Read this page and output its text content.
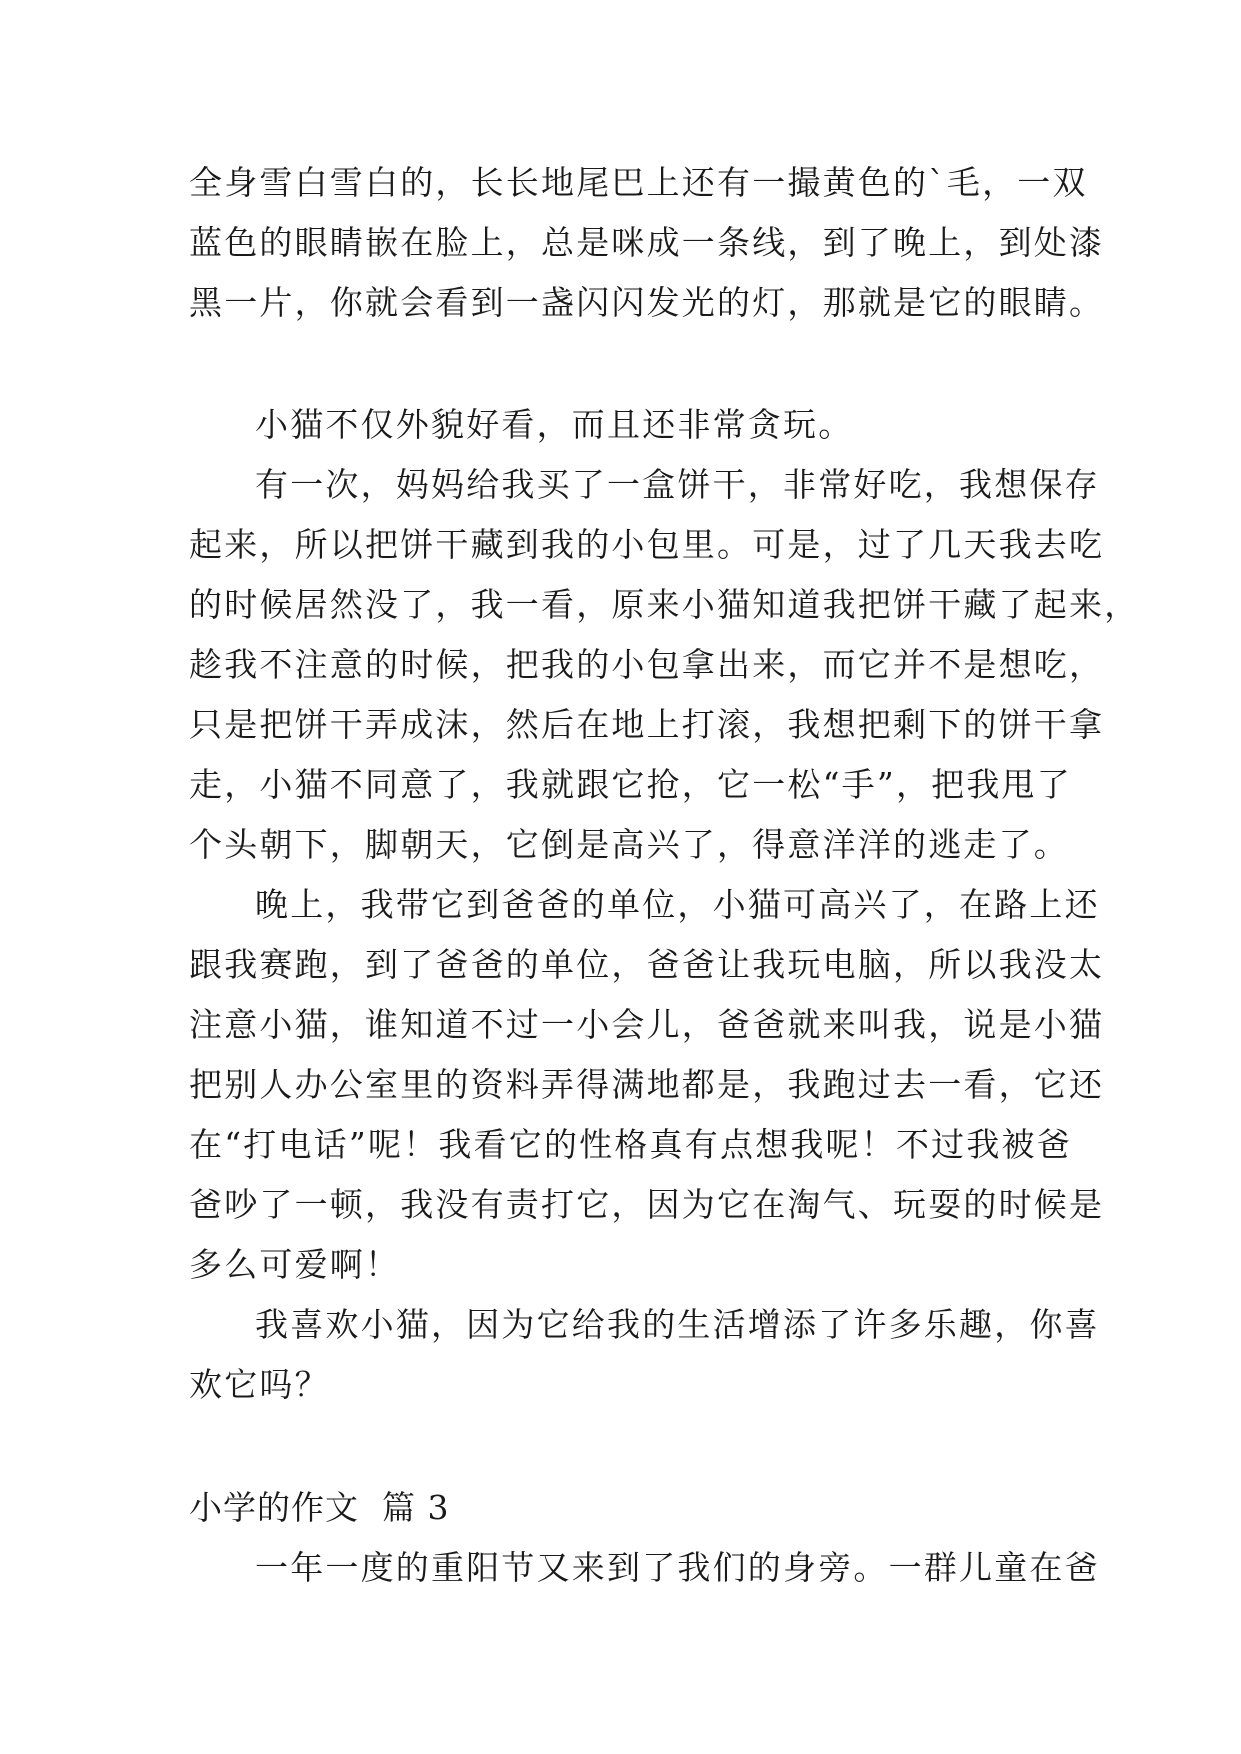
全身雪白雪白的，长长地尾巴上还有一撮黄色的`毛，一双
蓝色的眼睛嵌在脸上，总是咪成一条线，到了晚上，到处漆
黑一片，你就会看到一盏闪闪发光的灯，那就是它的眼睛。
小猫不仅外貌好看，而且还非常贪玩。
有一次，妈妈给我买了一盒饼干，非常好吃，我想保存
起来，所以把饼干藏到我的小包里。可是，过了几天我去吃
的时候居然没了，我一看，原来小猫知道我把饼干藏了起来，
趁我不注意的时候，把我的小包拿出来，而它并不是想吃，
只是把饼干弄成沫，然后在地上打滚，我想把剩下的饼干拿
走，小猫不同意了，我就跟它抢，它一松“手”，把我甩了
个头朝下，脚朝天，它倒是高兴了，得意洋洋的逃走了。
晚上，我带它到爸爸的单位，小猫可高兴了，在路上还
跟我赛跑，到了爸爸的单位，爸爸让我玩电脑，所以我没太
注意小猫，谁知道不过一小会儿，爸爸就来叫我，说是小猫
把别人办公室里的资料弄得满地都是，我跑过去一看，它还
在“打电话”呢！我看它的性格真有点想我呢！不过我被爸
爸吵了一顿，我没有责打它，因为它在淘气、玩耍的时候是
多么可爱啊！
我喜欢小猫，因为它给我的生活增添了许多乐趣，你喜
欢它吗？
小学的作文  篇 3
一年一度的重阳节又来到了我们的身旁。一群儿童在爸
